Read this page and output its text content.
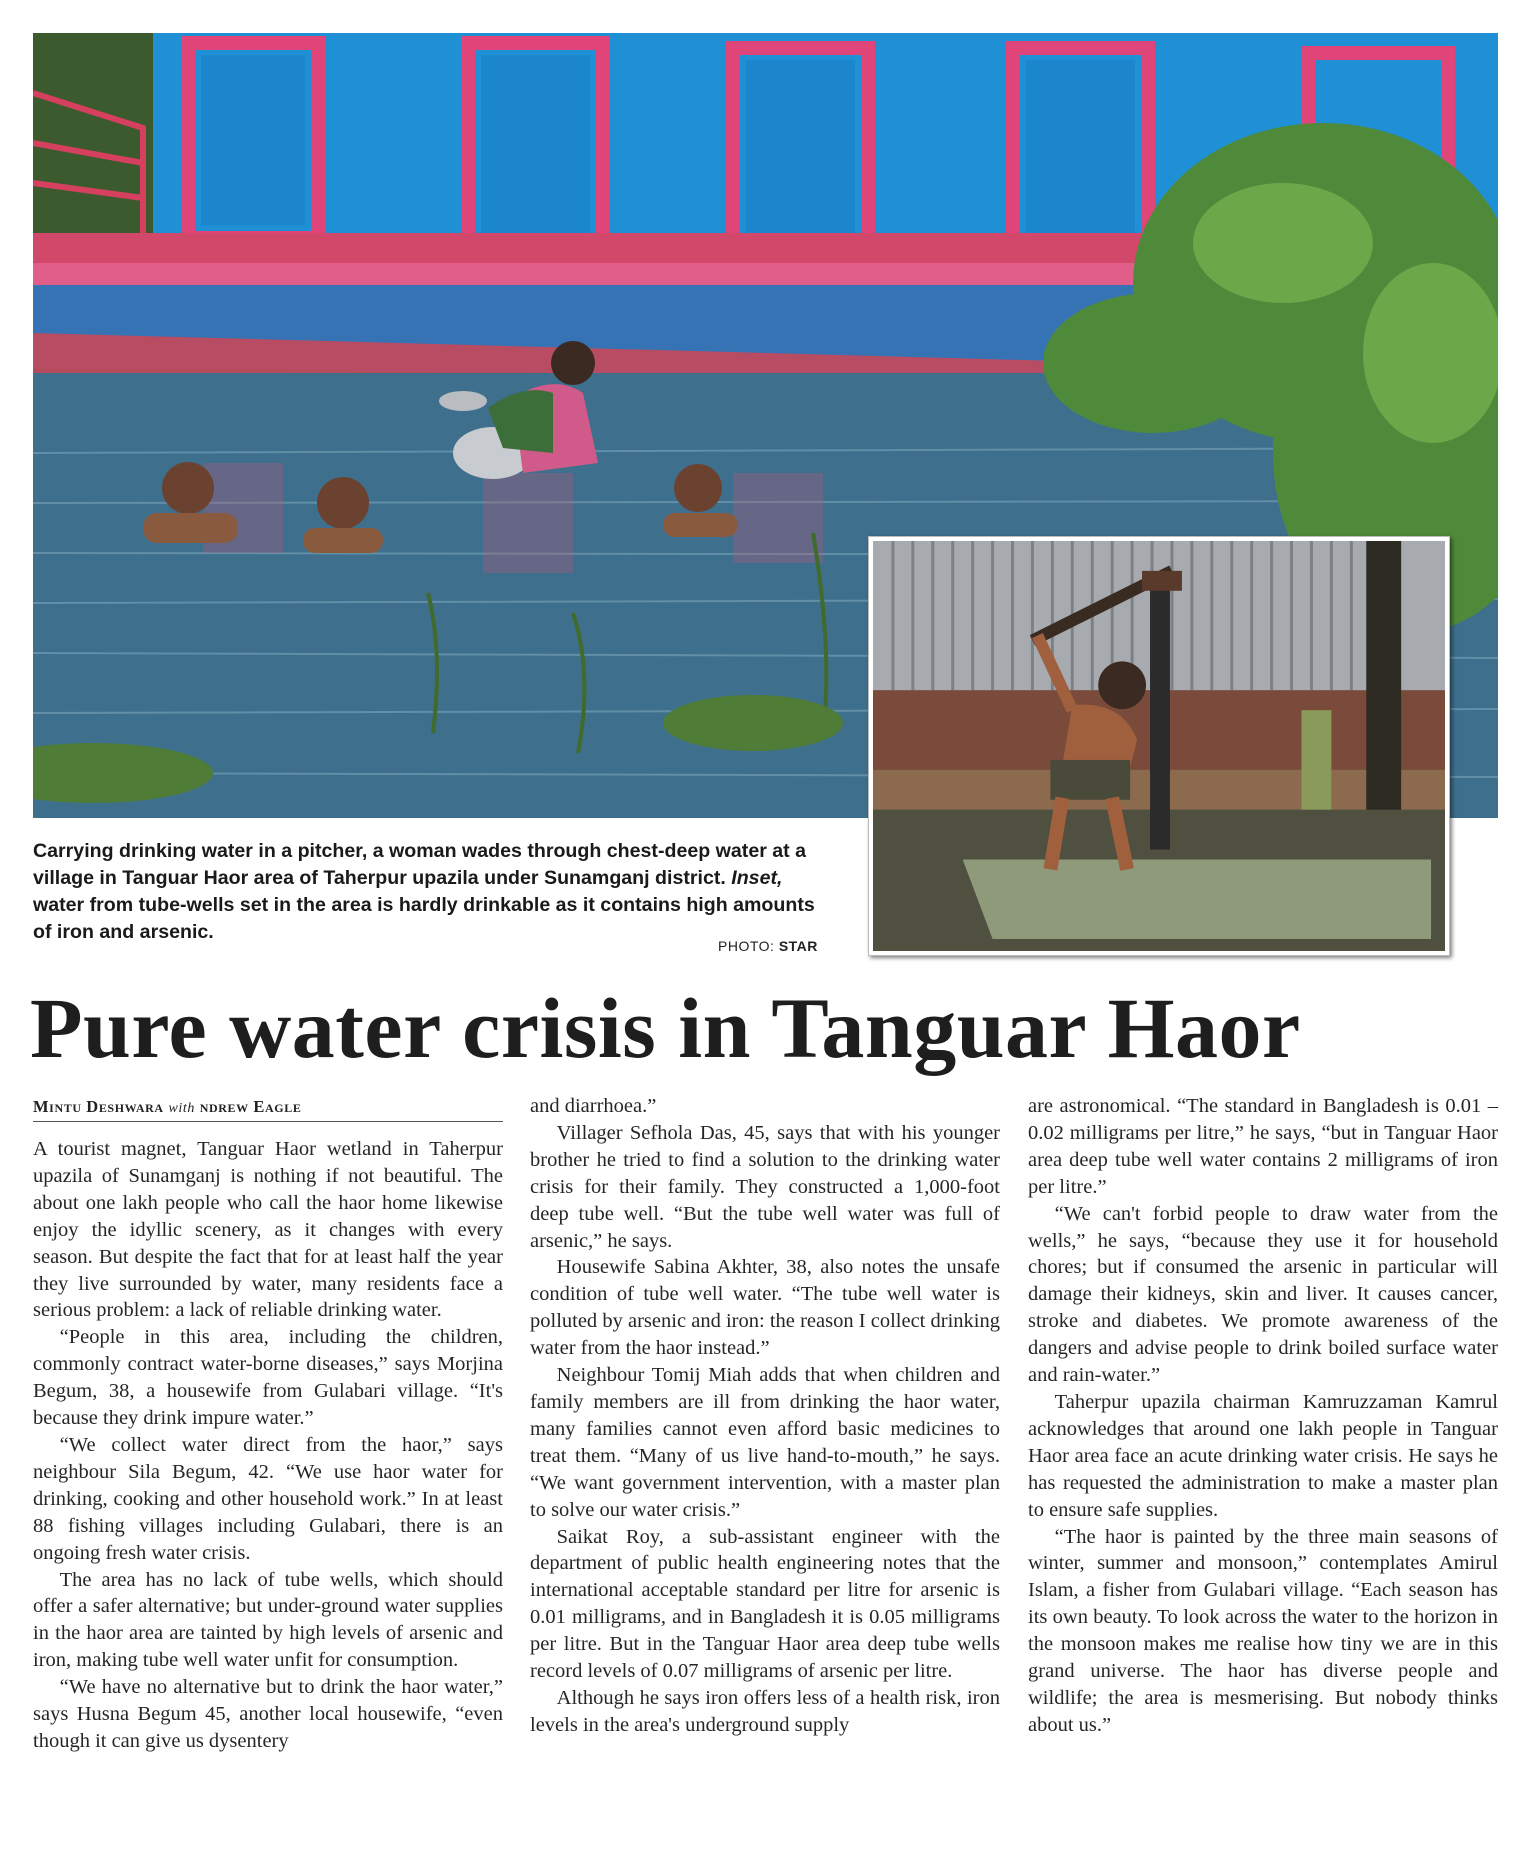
Carrying drinking water in a pitcher, a woman wades through chest-deep water at a village in Tanguar Haor area of Taherpur upazila under Sunamganj district. Inset, water from tube-wells set in the area is hardly drinkable as it contains high amounts of iron and arsenic.
PHOTO: STAR
Pure water crisis in Tanguar Haor
Mintu Deshwara with ndrew Eagle

A tourist magnet, Tanguar Haor wetland in Taherpur upazila of Sunamganj is nothing if not beautiful. The about one lakh people who call the haor home likewise enjoy the idyllic scenery, as it changes with every season. But despite the fact that for at least half the year they live surrounded by water, many residents face a serious problem: a lack of reliable drinking water.

“People in this area, including the children, commonly contract water-borne diseases,” says Morjina Begum, 38, a housewife from Gulabari village. “It's because they drink impure water.”

“We collect water direct from the haor,” says neighbour Sila Begum, 42. “We use haor water for drinking, cooking and other household work.” In at least 88 fishing villages including Gulabari, there is an ongoing fresh water crisis.

The area has no lack of tube wells, which should offer a safer alternative; but under-ground water supplies in the haor area are tainted by high levels of arsenic and iron, making tube well water unfit for consumption.

“We have no alternative but to drink the haor water,” says Husna Begum 45, another local housewife, “even though it can give us dysentery

and diarrhoea.”

Villager Sefhola Das, 45, says that with his younger brother he tried to find a solution to the drinking water crisis for their family. They constructed a 1,000-foot deep tube well. “But the tube well water was full of arsenic,” he says.

Housewife Sabina Akhter, 38, also notes the unsafe condition of tube well water. “The tube well water is polluted by arsenic and iron: the reason I collect drinking water from the haor instead.”

Neighbour Tomij Miah adds that when children and family members are ill from drinking the haor water, many families cannot even afford basic medicines to treat them. “Many of us live hand-to-mouth,” he says. “We want government intervention, with a master plan to solve our water crisis.”

Saikat Roy, a sub-assistant engineer with the department of public health engineering notes that the international acceptable standard per litre for arsenic is 0.01 milligrams, and in Bangladesh it is 0.05 milligrams per litre. But in the Tanguar Haor area deep tube wells record levels of 0.07 milligrams of arsenic per litre.

Although he says iron offers less of a health risk, iron levels in the area's underground supply

are astronomical. “The standard in Bangladesh is 0.01 – 0.02 milligrams per litre,” he says, “but in Tanguar Haor area deep tube well water contains 2 milligrams of iron per litre.”

“We can't forbid people to draw water from the wells,” he says, “because they use it for household chores; but if consumed the arsenic in particular will damage their kidneys, skin and liver. It causes cancer, stroke and diabetes. We promote awareness of the dangers and advise people to drink boiled surface water and rain-water.”

Taherpur upazila chairman Kamruzzaman Kamrul acknowledges that around one lakh people in Tanguar Haor area face an acute drinking water crisis. He says he has requested the administration to make a master plan to ensure safe supplies.

“The haor is painted by the three main seasons of winter, summer and monsoon,” contemplates Amirul Islam, a fisher from Gulabari village. “Each season has its own beauty. To look across the water to the horizon in the monsoon makes me realise how tiny we are in this grand universe. The haor has diverse people and wildlife; the area is mesmerising. But nobody thinks about us.”
